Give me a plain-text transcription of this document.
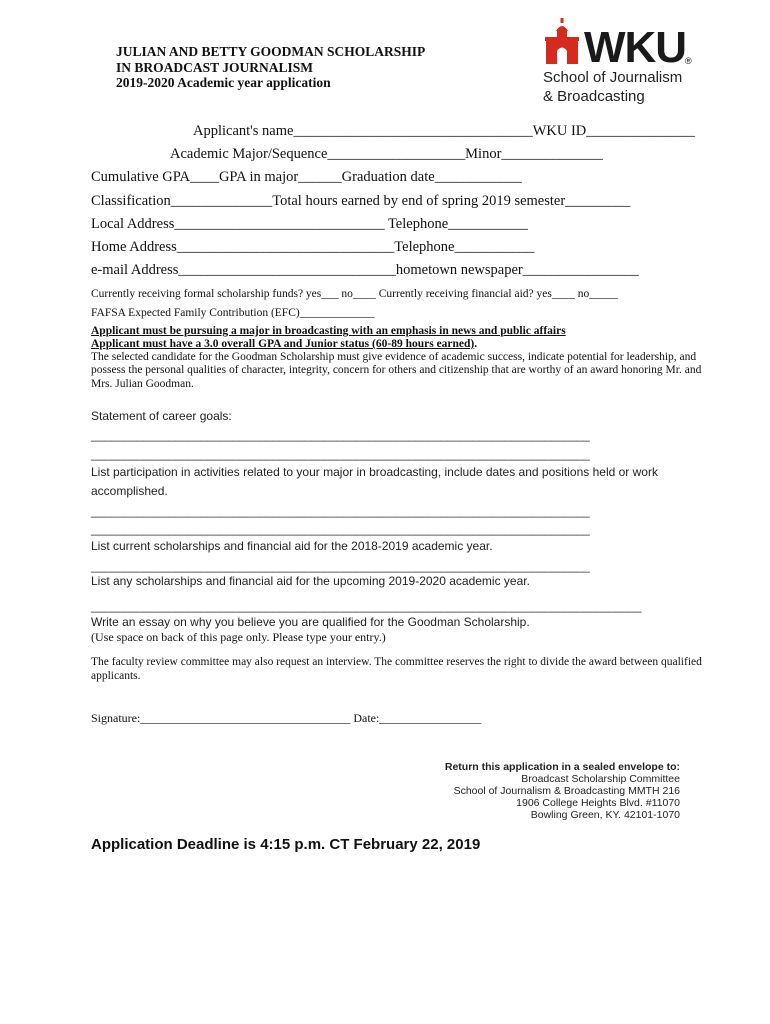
JULIAN AND BETTY GOODMAN SCHOLARSHIP
IN BROADCAST JOURNALISM
2019-2020 Academic year application
WKU
®
School of Journalism
& Broadcasting
Applicant's name_________________________________WKU ID_______________
Academic Major/Sequence___________________Minor______________
Cumulative GPA____GPA in major______Graduation date____________
Classification______________Total hours earned by end of spring 2019 semester_________
Local Address_____________________________ Telephone___________
Home Address______________________________Telephone___________
e-mail Address______________________________hometown newspaper________________
Currently receiving formal scholarship funds? yes___ no____ Currently receiving financial aid? yes____ no_____
FAFSA Expected Family Contribution (EFC)_____________
Applicant must be pursuing a major in broadcasting with an emphasis in news and public affairs
Applicant must have a 3.0 overall GPA and Junior status (60-89 hours earned).
The selected candidate for the Goodman Scholarship must give evidence of academic success, indicate potential for leadership, and possess the personal qualities of character, integrity, concern for others and citizenship that are worthy of an award honoring Mr. and Mrs. Julian Goodman.
Statement of career goals:
_____________________________________________________________________________
_____________________________________________________________________________
List participation in activities related to your major in broadcasting, include dates and positions held or work accomplished.
_____________________________________________________________________________
_____________________________________________________________________________
List current scholarships and financial aid for the 2018-2019 academic year.
_____________________________________________________________________________
List any scholarships and financial aid for the upcoming 2019-2020 academic year.
_____________________________________________________________________________________
Write an essay on why you believe you are qualified for the Goodman Scholarship.
(Use space on back of this page only. Please type your entry.)
The faculty review committee may also request an interview. The committee reserves the right to divide the award between qualified applicants.
Signature:___________________________________ Date:_________________
Return this application in a sealed envelope to:
Broadcast Scholarship Committee
School of Journalism & Broadcasting MMTH 216
1906 College Heights Blvd. #11070
Bowling Green, KY. 42101-1070
Application Deadline is 4:15 p.m. CT February 22, 2019
